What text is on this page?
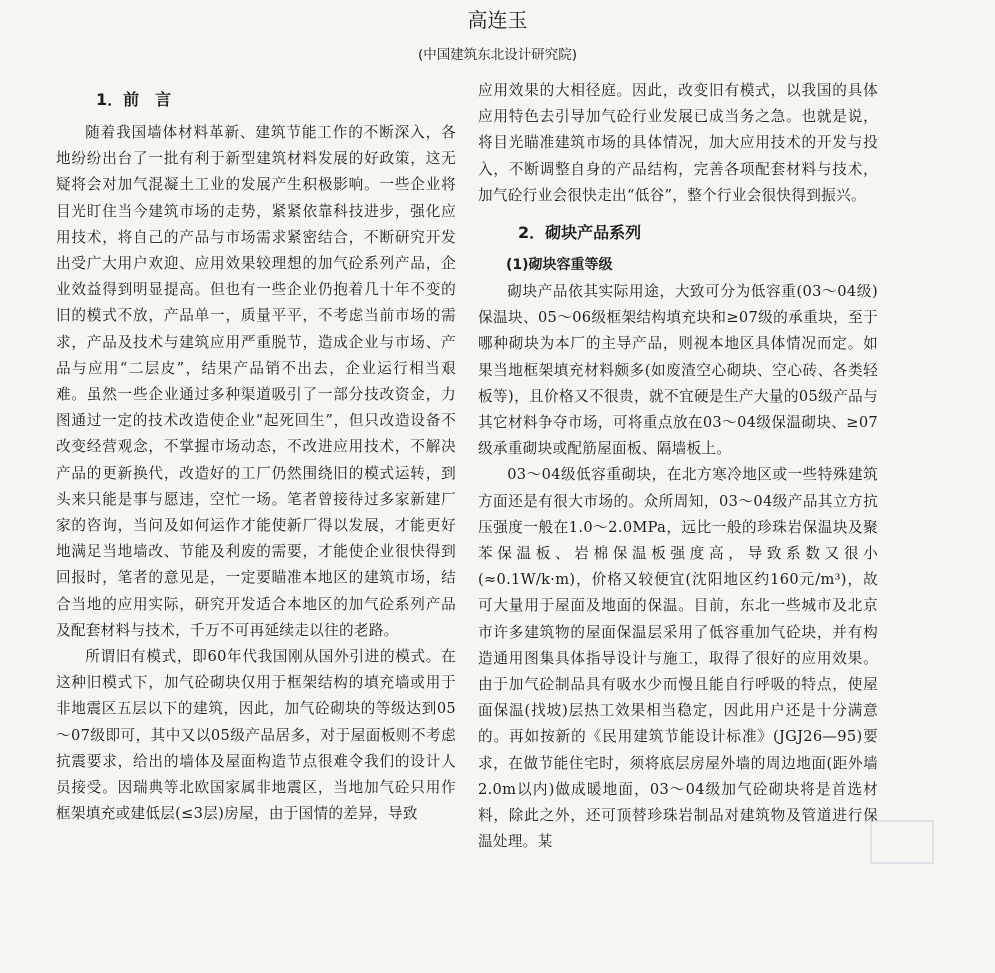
高连玉
(中国建筑东北设计研究院)
1．前　言

随着我国墙体材料革新、建筑节能工作的不断深入，各地纷纷出台了一批有利于新型建筑材料发展的好政策，这无疑将会对加气混凝土工业的发展产生积极影响。一些企业将目光盯住当今建筑市场的走势，紧紧依靠科技进步，强化应用技术，将自己的产品与市场需求紧密结合，不断研究开发出受广大用户欢迎、应用效果较理想的加气砼系列产品，企业效益得到明显提高。但也有一些企业仍抱着几十年不变的旧的模式不放，产品单一，质量平平，不考虑当前市场的需求，产品及技术与建筑应用严重脱节，造成企业与市场、产品与应用“二层皮”，结果产品销不出去，企业运行相当艰难。虽然一些企业通过多种渠道吸引了一部分技改资金，力图通过一定的技术改造使企业“起死回生”，但只改造设备不改变经营观念，不掌握市场动态，不改进应用技术，不解决产品的更新换代，改造好的工厂仍然围绕旧的模式运转，到头来只能是事与愿违，空忙一场。笔者曾接待过多家新建厂家的咨询，当问及如何运作才能使新厂得以发展，才能更好地满足当地墙改、节能及利废的需要，才能使企业很快得到回报时，笔者的意见是，一定要瞄准本地区的建筑市场，结合当地的应用实际，研究开发适合本地区的加气砼系列产品及配套材料与技术，千万不可再延续走以往的老路。

所谓旧有模式，即60年代我国刚从国外引进的模式。在这种旧模式下，加气砼砌块仅用于框架结构的填充墙或用于非地震区五层以下的建筑，因此，加气砼砌块的等级达到05～07级即可，其中又以05级产品居多，对于屋面板则不考虑抗震要求，给出的墙体及屋面构造节点很难令我们的设计人员接受。因瑞典等北欧国家属非地震区，当地加气砼只用作框架填充或建低层(≤3层)房屋，由于国情的差异，导致

应用效果的大相径庭。因此，改变旧有模式，以我国的具体应用特色去引导加气砼行业发展已成当务之急。也就是说，将目光瞄准建筑市场的具体情况，加大应用技术的开发与投入，不断调整自身的产品结构，完善各项配套材料与技术，加气砼行业会很快走出“低谷”，整个行业会很快得到振兴。

2．砌块产品系列
(1)砌块容重等级

砌块产品依其实际用途，大致可分为低容重(03～04级)保温块、05～06级框架结构填充块和≥07级的承重块，至于哪种砌块为本厂的主导产品，则视本地区具体情况而定。如果当地框架填充材料颇多(如废渣空心砌块、空心砖、各类轻板等)，且价格又不很贵，就不宜硬是生产大量的05级产品与其它材料争夺市场，可将重点放在03～04级保温砌块、≥07级承重砌块或配筋屋面板、隔墙板上。

03～04级低容重砌块，在北方寒冷地区或一些特殊建筑方面还是有很大市场的。众所周知，03～04级产品其立方抗压强度一般在1.0～2.0MPa，远比一般的珍珠岩保温块及聚苯保温板、岩棉保温板强度高，导致系数又很小(≈0.1W/k·m)，价格又较便宜(沈阳地区约160元/m³)，故可大量用于屋面及地面的保温。目前，东北一些城市及北京市许多建筑物的屋面保温层采用了低容重加气砼块，并有构造通用图集具体指导设计与施工，取得了很好的应用效果。由于加气砼制品具有吸水少而慢且能自行呼吸的特点，使屋面保温(找坡)层热工效果相当稳定，因此用户还是十分满意的。再如按新的《民用建筑节能设计标准》(JGJ26—95)要求，在做节能住宅时，须将底层房屋外墙的周边地面(距外墙2.0m以内)做成暖地面，03～04级加气砼砌块将是首选材料，除此之外，还可顶替珍珠岩制品对建筑物及管道进行保温处理。某
